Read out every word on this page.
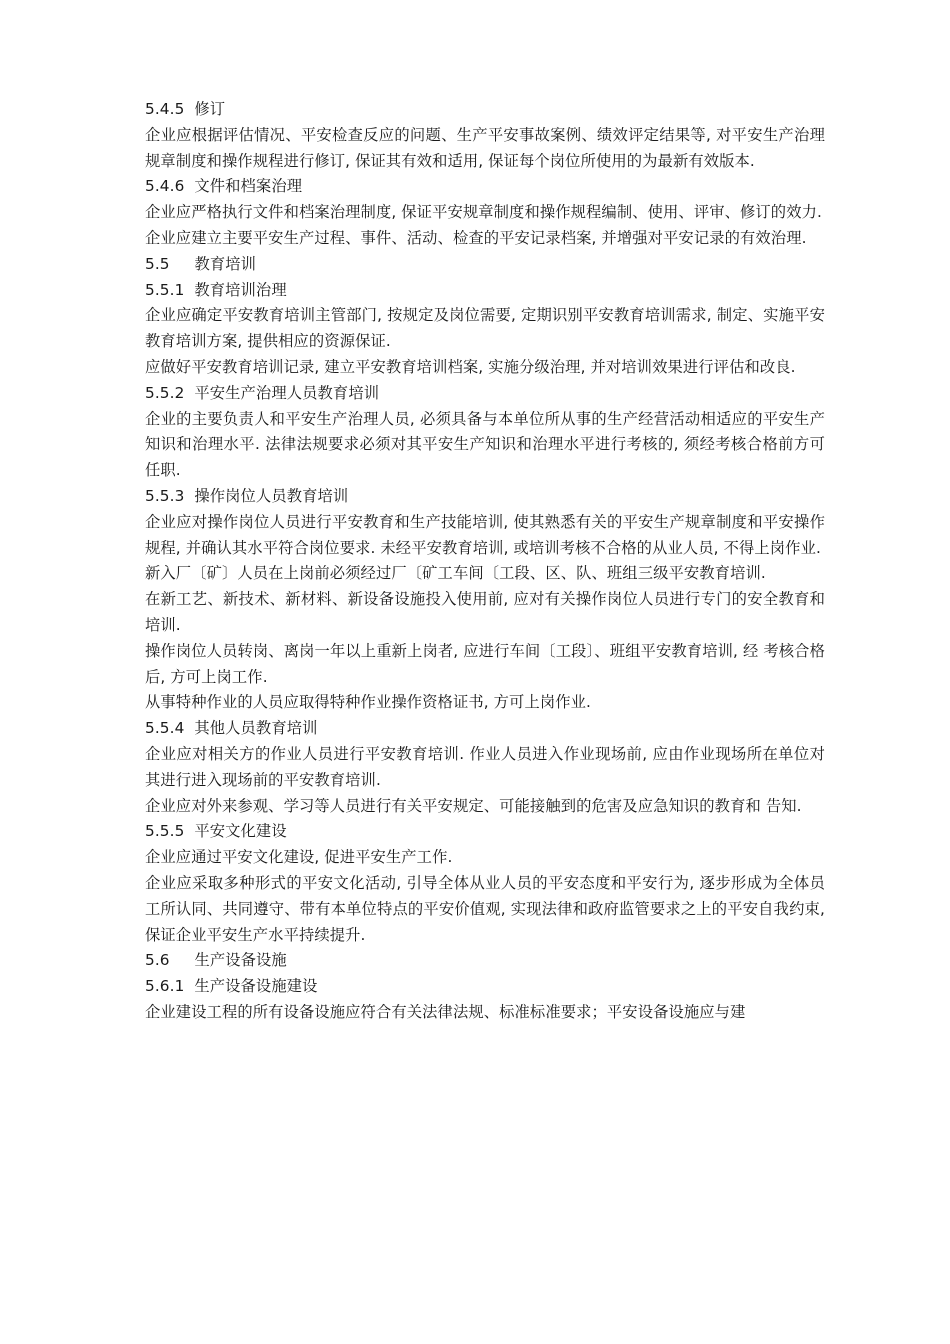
5.4.5  修订

企业应根据评估情况、平安检查反应的问题、生产平安事故案例、绩效评定结果等, 对平安生产治理规章制度和操作规程进行修订, 保证其有效和适用, 保证每个岗位所使用的为最新有效版本.

5.4.6  文件和档案治理

企业应严格执行文件和档案治理制度, 保证平安规章制度和操作规程编制、使用、评审、修订的效力.

企业应建立主要平安生产过程、事件、活动、检查的平安记录档案, 并增强对平安记录的有效治理.

5.5     教育培训

5.5.1  教育培训治理

企业应确定平安教育培训主管部门, 按规定及岗位需要, 定期识别平安教育培训需求, 制定、实施平安教育培训方案, 提供相应的资源保证.

应做好平安教育培训记录, 建立平安教育培训档案, 实施分级治理, 并对培训效果进行评估和改良.

5.5.2  平安生产治理人员教育培训

企业的主要负责人和平安生产治理人员, 必须具备与本单位所从事的生产经营活动相适应的平安生产知识和治理水平. 法律法规要求必须对其平安生产知识和治理水平进行考核的, 须经考核合格前方可任职.

5.5.3  操作岗位人员教育培训

企业应对操作岗位人员进行平安教育和生产技能培训, 使其熟悉有关的平安生产规章制度和平安操作规程, 并确认其水平符合岗位要求. 未经平安教育培训, 或培训考核不合格的从业人员, 不得上岗作业.

新入厂〔矿〕人员在上岗前必须经过厂〔矿工车间〔工段、区、队、班组三级平安教育培训.

在新工艺、新技术、新材料、新设备设施投入使用前, 应对有关操作岗位人员进行专门的安全教育和培训.

操作岗位人员转岗、离岗一年以上重新上岗者, 应进行车间〔工段〕、班组平安教育培训, 经 考核合格后, 方可上岗工作.

从事特种作业的人员应取得特种作业操作资格证书, 方可上岗作业.

5.5.4  其他人员教育培训

企业应对相关方的作业人员进行平安教育培训. 作业人员进入作业现场前, 应由作业现场所在单位对其进行进入现场前的平安教育培训.

企业应对外来参观、学习等人员进行有关平安规定、可能接触到的危害及应急知识的教育和 告知.

5.5.5  平安文化建设

企业应通过平安文化建设, 促进平安生产工作.

企业应采取多种形式的平安文化活动, 引导全体从业人员的平安态度和平安行为, 逐步形成为全体员工所认同、共同遵守、带有本单位特点的平安价值观, 实现法律和政府监管要求之上的平安自我约束, 保证企业平安生产水平持续提升.

5.6     生产设备设施

5.6.1  生产设备设施建设

企业建设工程的所有设备设施应符合有关法律法规、标准标准要求；平安设备设施应与建
